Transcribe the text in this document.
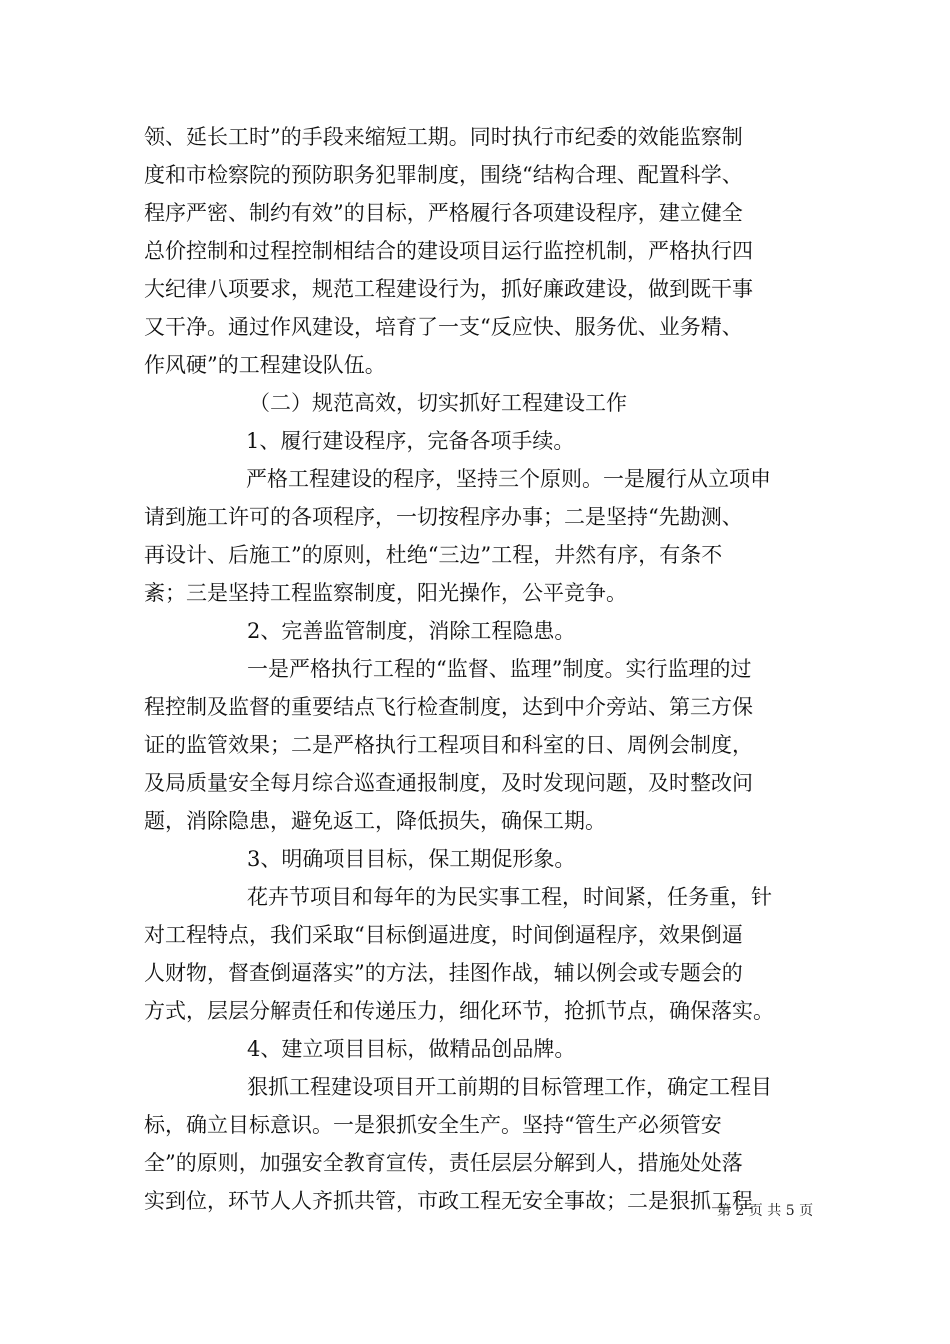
领、延长工时”的手段来缩短工期。同时执行市纪委的效能监察制
度和市检察院的预防职务犯罪制度，围绕“结构合理、配置科学、
程序严密、制约有效”的目标，严格履行各项建设程序，建立健全
总价控制和过程控制相结合的建设项目运行监控机制，严格执行四
大纪律八项要求，规范工程建设行为，抓好廉政建设，做到既干事
又干净。通过作风建设，培育了一支“反应快、服务优、业务精、
作风硬”的工程建设队伍。
（二）规范高效，切实抓好工程建设工作
1、履行建设程序，完备各项手续。
严格工程建设的程序，坚持三个原则。一是履行从立项申
请到施工许可的各项程序，一切按程序办事；二是坚持“先勘测、
再设计、后施工”的原则，杜绝“三边”工程，井然有序，有条不
紊；三是坚持工程监察制度，阳光操作，公平竞争。
2、完善监管制度，消除工程隐患。
一是严格执行工程的“监督、监理”制度。实行监理的过
程控制及监督的重要结点飞行检查制度，达到中介旁站、第三方保
证的监管效果；二是严格执行工程项目和科室的日、周例会制度，
及局质量安全每月综合巡查通报制度，及时发现问题，及时整改问
题，消除隐患，避免返工，降低损失，确保工期。
3、明确项目目标，保工期促形象。
花卉节项目和每年的为民实事工程，时间紧，任务重，针
对工程特点，我们采取“目标倒逼进度，时间倒逼程序，效果倒逼
人财物，督查倒逼落实”的方法，挂图作战，辅以例会或专题会的
方式，层层分解责任和传递压力，细化环节，抢抓节点，确保落实。
4、建立项目目标，做精品创品牌。
狠抓工程建设项目开工前期的目标管理工作，确定工程目
标，确立目标意识。一是狠抓安全生产。坚持“管生产必须管安
全”的原则，加强安全教育宣传，责任层层分解到人，措施处处落
实到位，环节人人齐抓共管，市政工程无安全事故；二是狠抓工程
第 2 页 共 5 页
